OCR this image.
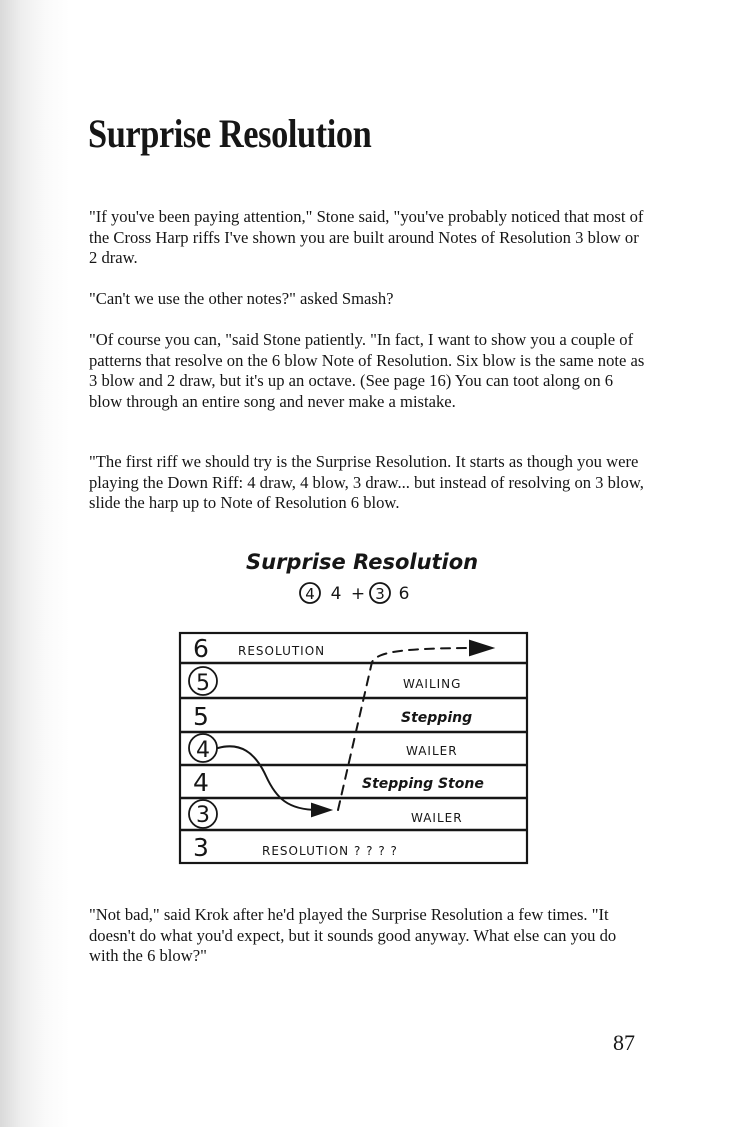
Surprise Resolution

"If you've been paying attention," Stone said, "you've probably noticed that most of the Cross Harp riffs I've shown you are built around Notes of Resolution 3 blow or 2 draw.

"Can't we use the other notes?" asked Smash?

"Of course you can, "said Stone patiently. "In fact, I want to show you a couple of patterns that resolve on the 6 blow Note of Resolution. Six blow is the same note as 3 blow and 2 draw, but it's up an octave. (See page 16) You can toot along on 6 blow through an entire song and never make a mistake.

"The first riff we should try is the Surprise Resolution. It starts as though you were playing the Down Riff: 4 draw, 4 blow, 3 draw... but instead of resolving on 3 blow, slide the harp up to Note of Resolution 6 blow.

Surprise Resolution

4 4 + 3 6
6
5
5
4
4
3
3
RESOLUTION
WAILING
Stepping
WAILER
Stepping Stone
WAILER
RESOLUTION ? ? ? ?

"Not bad," said Krok after he'd played the Surprise Resolution a few times. "It doesn't do what you'd expect, but it sounds good anyway. What else can you do with the 6 blow?"

87
